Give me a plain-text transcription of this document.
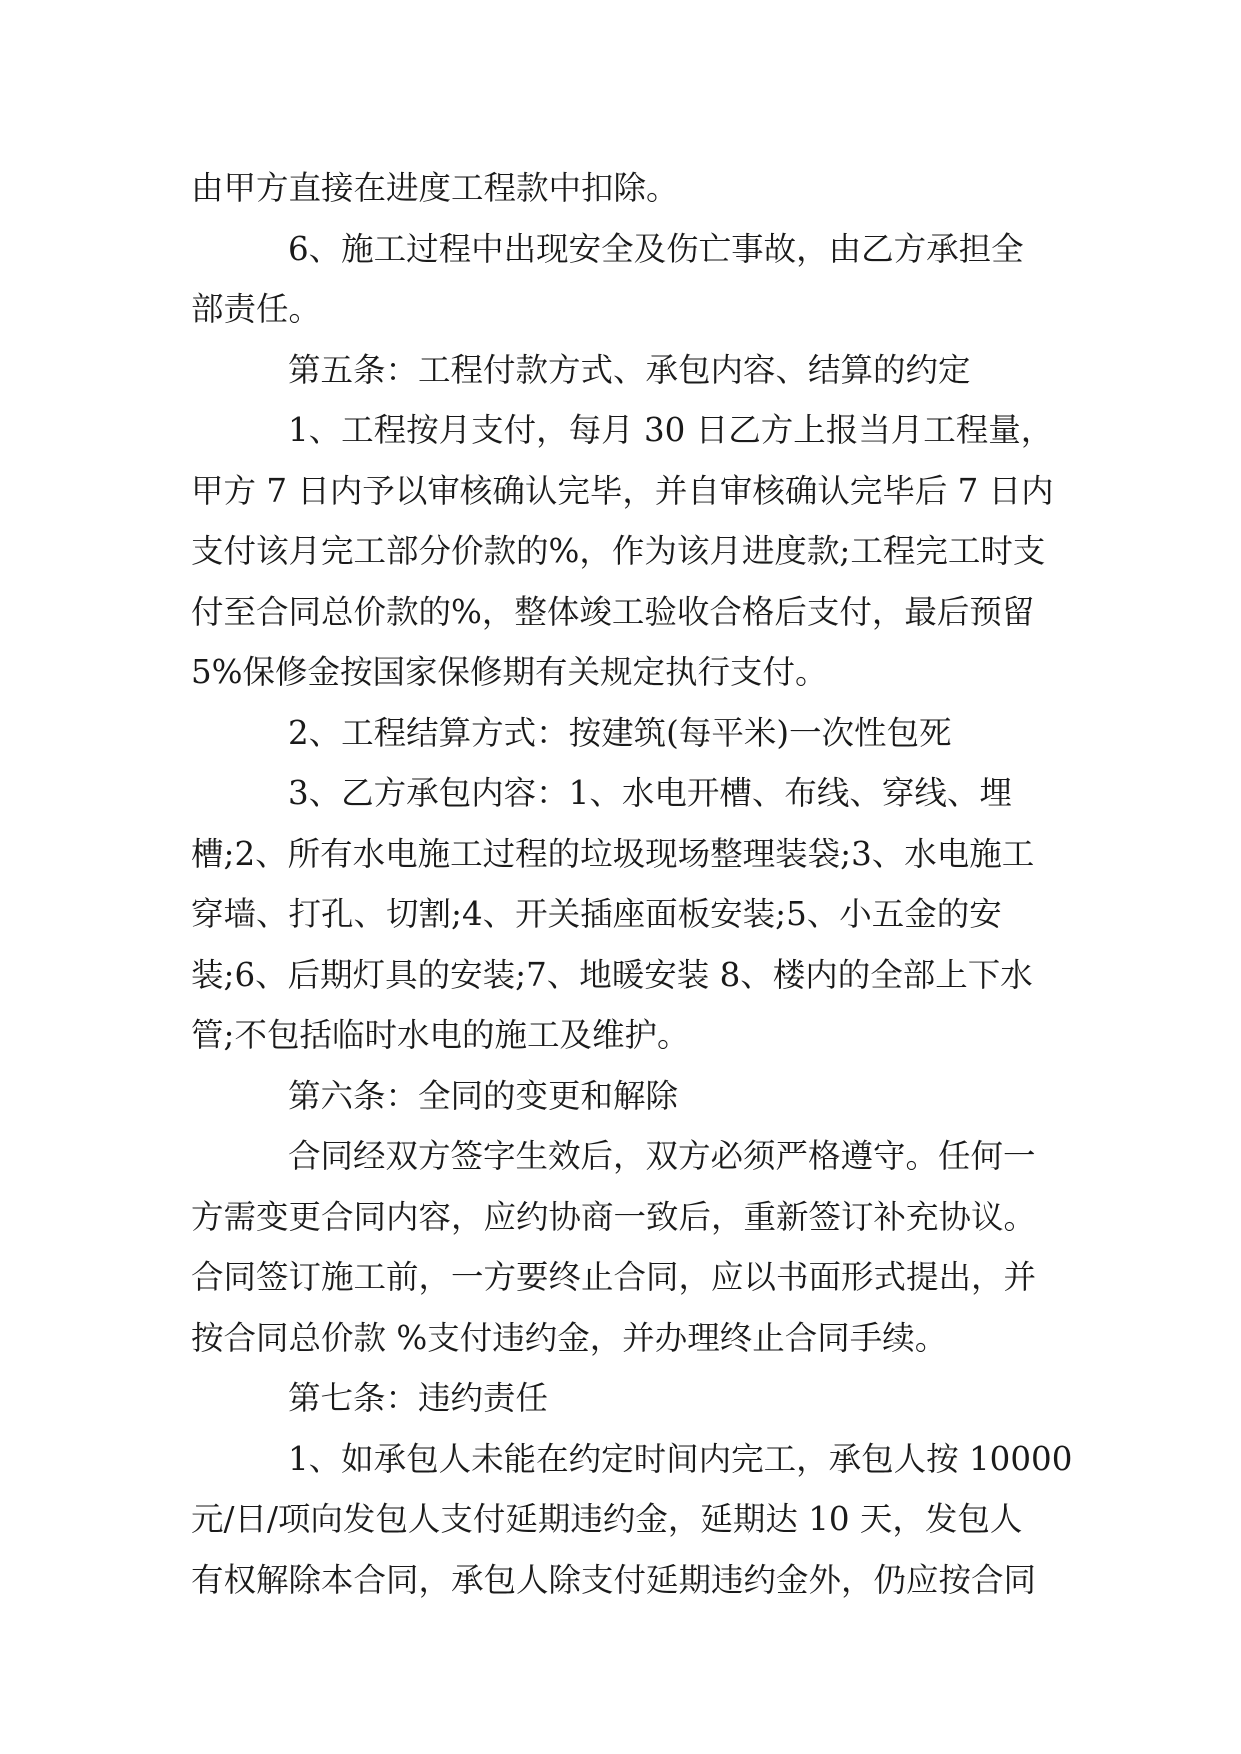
由甲方直接在进度工程款中扣除。
6、施工过程中出现安全及伤亡事故，由乙方承担全
部责任。
第五条：工程付款方式、承包内容、结算的约定
1、工程按月支付，每月 30 日乙方上报当月工程量，
甲方 7 日内予以审核确认完毕，并自审核确认完毕后 7 日内
支付该月完工部分价款的%，作为该月进度款;工程完工时支
付至合同总价款的%，整体竣工验收合格后支付，最后预留
5%保修金按国家保修期有关规定执行支付。
2、工程结算方式：按建筑(每平米)一次性包死
3、乙方承包内容：1、水电开槽、布线、穿线、埋
槽;2、所有水电施工过程的垃圾现场整理装袋;3、水电施工
穿墙、打孔、切割;4、开关插座面板安装;5、小五金的安
装;6、后期灯具的安装;7、地暖安装 8、楼内的全部上下水
管;不包括临时水电的施工及维护。
第六条：全同的变更和解除
合同经双方签字生效后，双方必须严格遵守。任何一
方需变更合同内容，应约协商一致后，重新签订补充协议。
合同签订施工前，一方要终止合同，应以书面形式提出，并
按合同总价款 %支付违约金，并办理终止合同手续。
第七条：违约责任
1、如承包人未能在约定时间内完工，承包人按 10000
元/日/项向发包人支付延期违约金，延期达 10 天，发包人
有权解除本合同，承包人除支付延期违约金外，仍应按合同
